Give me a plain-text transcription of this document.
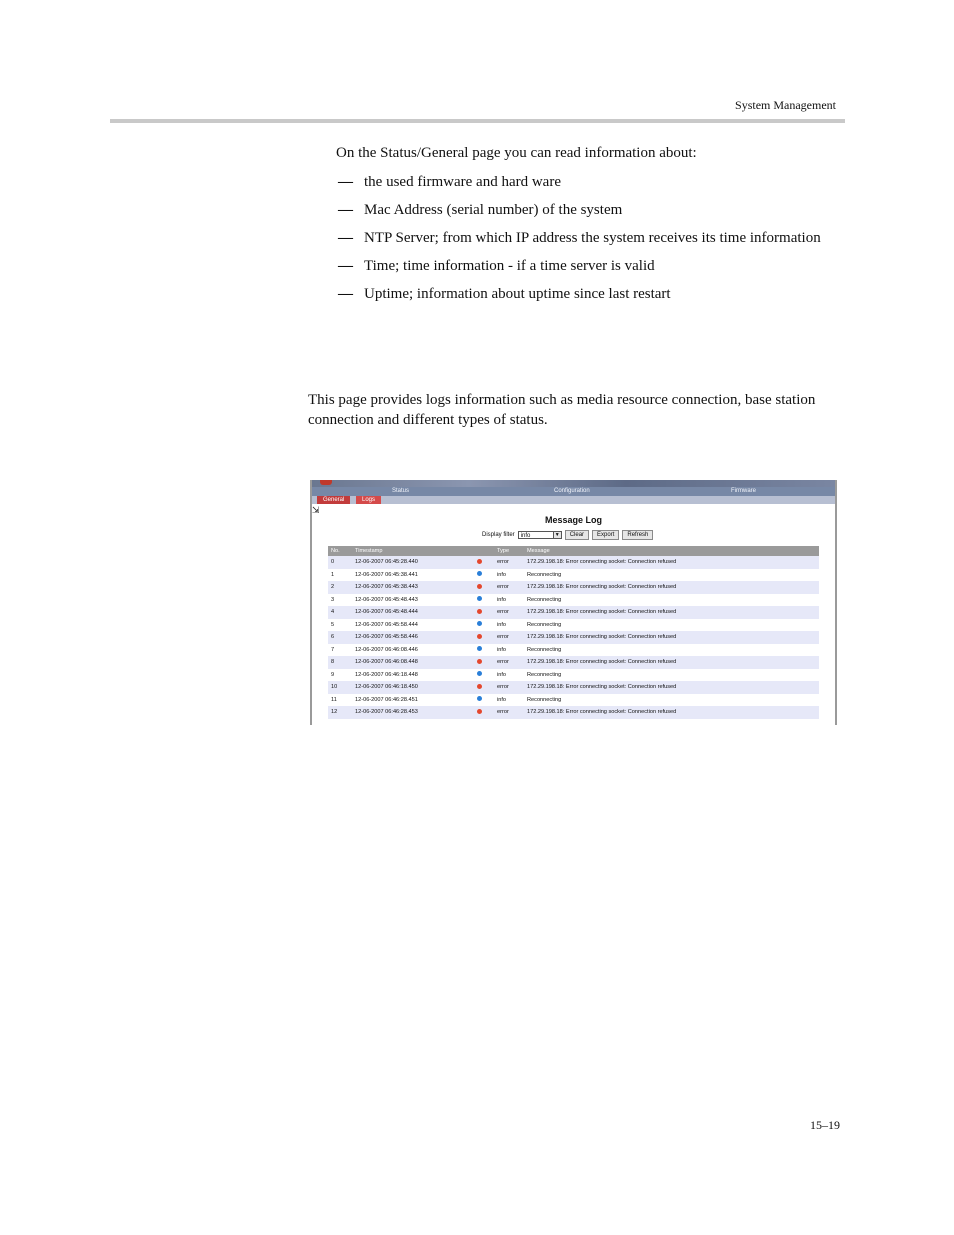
System Management
On the Status/General page you can read information about:
— the used firmware and hard ware
— Mac Address (serial number) of the system
— NTP Server; from which IP address the system receives its time information
— Time; time information - if a time server is valid
— Uptime; information about uptime since last restart

This page provides logs information such as media resource connection, base station connection and different types of status.

Status	Configuration	Firmware
General	Logs
⇲
Message Log
Display filter	info	▼	Clear	Export	Refresh
No.	Timestamp		Type	Message
0	12-06-2007 06:45:28.440		error	172.29.198.18: Error connecting socket: Connection refused
1	12-06-2007 06:45:38.441		info	Reconnecting
2	12-06-2007 06:45:38.443		error	172.29.198.18: Error connecting socket: Connection refused
3	12-06-2007 06:45:48.443		info	Reconnecting
4	12-06-2007 06:45:48.444		error	172.29.198.18: Error connecting socket: Connection refused
5	12-06-2007 06:45:58.444		info	Reconnecting
6	12-06-2007 06:45:58.446		error	172.29.198.18: Error connecting socket: Connection refused
7	12-06-2007 06:46:08.446		info	Reconnecting
8	12-06-2007 06:46:08.448		error	172.29.198.18: Error connecting socket: Connection refused
9	12-06-2007 06:46:18.448		info	Reconnecting
10	12-06-2007 06:46:18.450		error	172.29.198.18: Error connecting socket: Connection refused
11	12-06-2007 06:46:28.451		info	Reconnecting
12	12-06-2007 06:46:28.453		error	172.29.198.18: Error connecting socket: Connection refused
15–19
